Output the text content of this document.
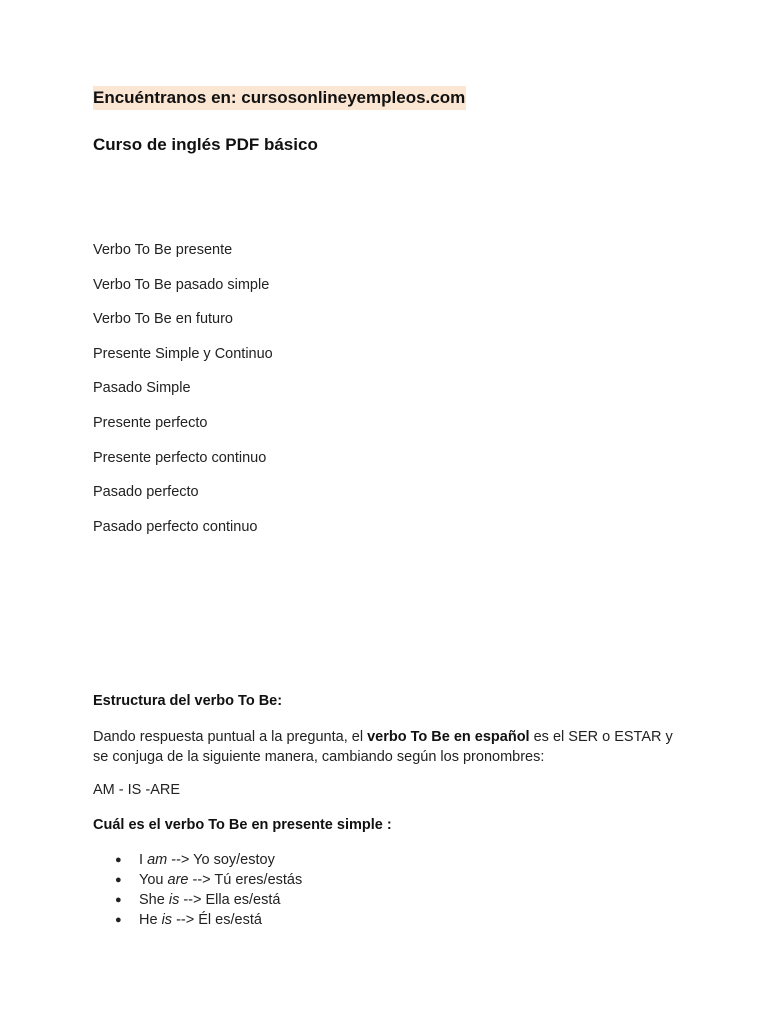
Encuéntranos en: cursosonlineyempleos.com
Curso de inglés PDF básico
Verbo To Be presente
Verbo To Be pasado simple
Verbo To Be en futuro
Presente Simple y Continuo
Pasado Simple
Presente perfecto
Presente perfecto continuo
Pasado perfecto
Pasado perfecto continuo
Estructura del verbo To Be:
Dando respuesta puntual a la pregunta, el verbo To Be en español es el SER o ESTAR y se conjuga de la siguiente manera, cambiando según los pronombres:
AM - IS -ARE
Cuál es el verbo To Be en presente simple :
● I am --> Yo soy/estoy
● You are --> Tú eres/estás
● She is --> Ella es/está
● He is --> Él es/está
